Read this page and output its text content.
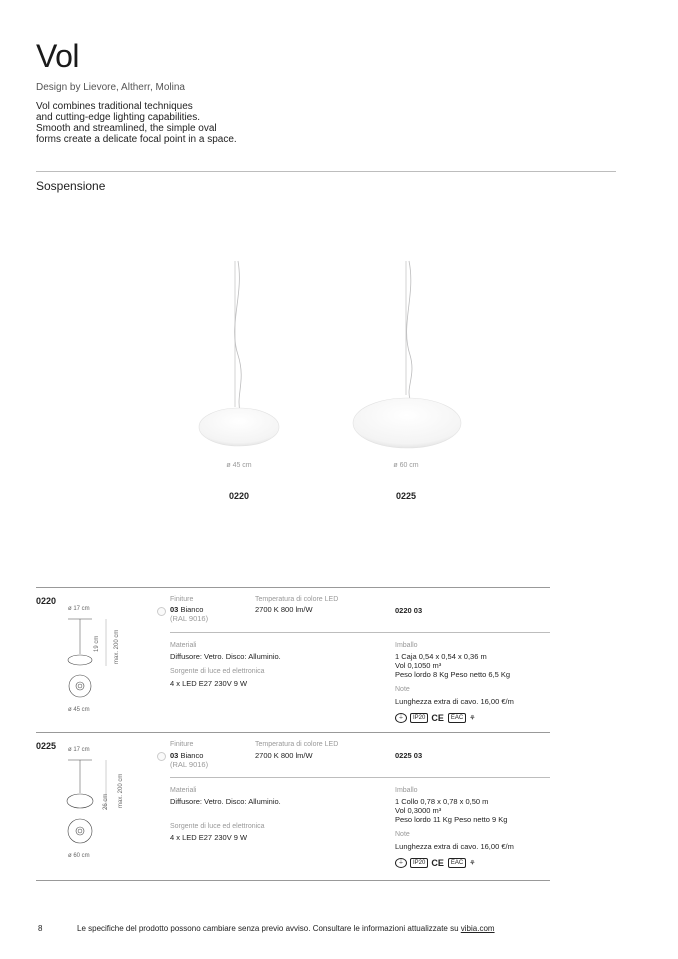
Vol
Design by Lievore, Altherr, Molina
Vol combines traditional techniques
and cutting-edge lighting capabilities.
Smooth and streamlined, the simple oval
forms create a delicate focal point in a space.
Sospensione
ø 45 cm	ø 60 cm
0220	0225
0220
ø 17 cm
19 cm max. 200 cm
ø 45 cm
Finiture
03 Bianco
(RAL 9016)
Temperatura di colore LED
2700 K 800 lm/W	0220 03
Materiali
Diffusore: Vetro. Disco: Alluminio.
Sorgente di luce ed elettronica
4 x LED E27 230V 9 W
Imballo
1 Caja 0,54 x 0,54 x 0,36 m
Vol 0,1050 m³
Peso lordo 8 Kg Peso netto 6,5 Kg
Note
Lunghezza extra di cavo. 16,00 €/m
⏚	IP20 CE	EAC ⚘
0225 ø 17 cm
26 cm max. 200 cm
ø 60 cm
Finiture
03 Bianco
(RAL 9016)
Temperatura di colore LED
2700 K 800 lm/W	0225 03
Materiali
Diffusore: Vetro. Disco: Alluminio.
Sorgente di luce ed elettronica
4 x LED E27 230V 9 W
Imballo
1 Collo 0,78 x 0,78 x 0,50 m
Vol 0,3000 m³
Peso lordo 11 Kg Peso netto 9 Kg
Note
Lunghezza extra di cavo. 16,00 €/m
⏚	IP20 CE	EAC ⚘
8	Le specifiche del prodotto possono cambiare senza previo avviso. Consultare le informazioni attualizzate su vibia.com
